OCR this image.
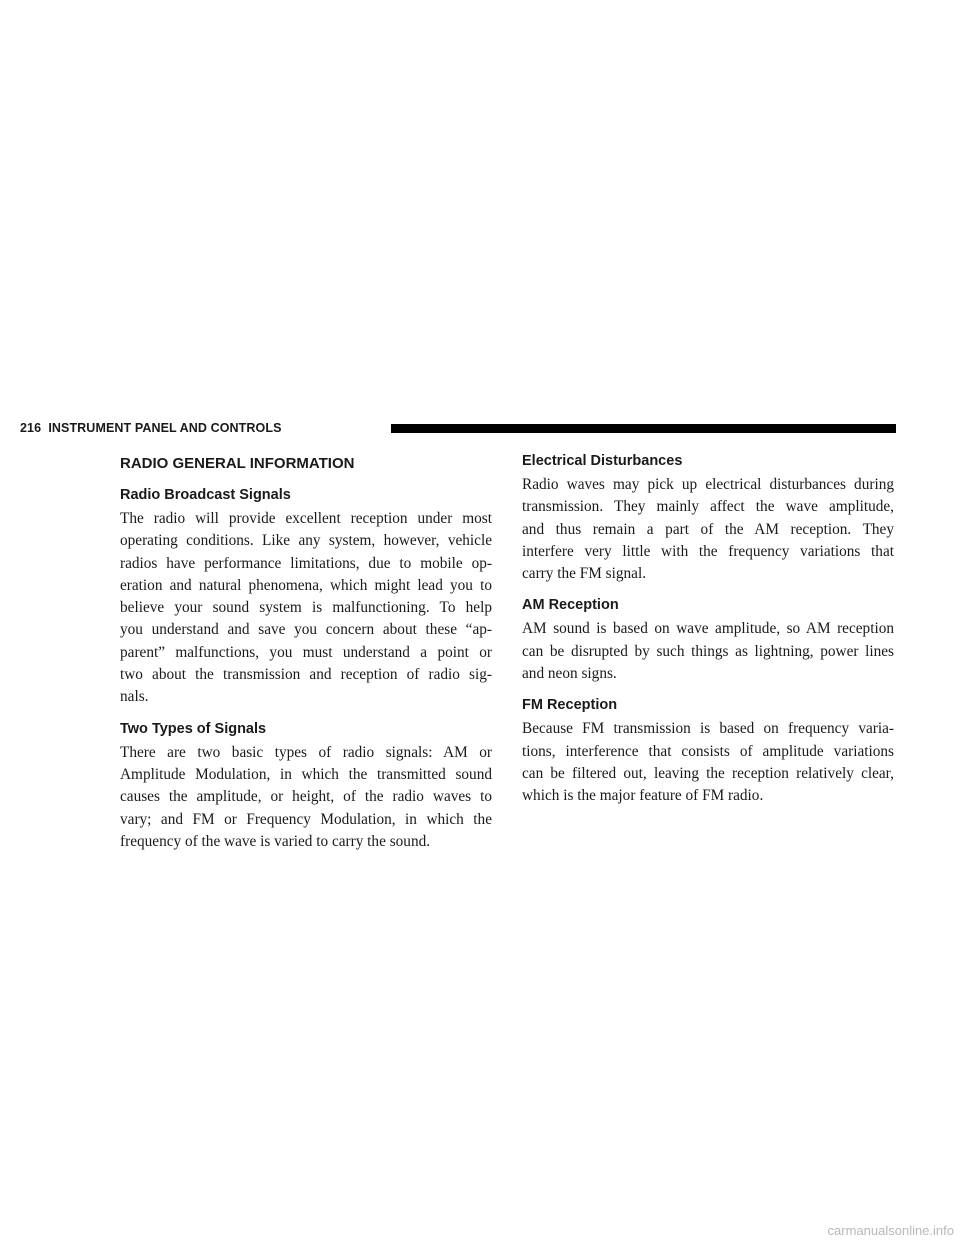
216 INSTRUMENT PANEL AND CONTROLS
RADIO GENERAL INFORMATION
Radio Broadcast Signals

The radio will provide excellent reception under most
operating conditions. Like any system, however, vehicle
radios have performance limitations, due to mobile op-
eration and natural phenomena, which might lead you to
believe your sound system is malfunctioning. To help
you understand and save you concern about these “ap-
parent” malfunctions, you must understand a point or
two about the transmission and reception of radio sig-
nals.

Two Types of Signals

There are two basic types of radio signals: AM or
Amplitude Modulation, in which the transmitted sound
causes the amplitude, or height, of the radio waves to
vary; and FM or Frequency Modulation, in which the
frequency of the wave is varied to carry the sound.

Electrical Disturbances

Radio waves may pick up electrical disturbances during
transmission. They mainly affect the wave amplitude,
and thus remain a part of the AM reception. They
interfere very little with the frequency variations that
carry the FM signal.

AM Reception

AM sound is based on wave amplitude, so AM reception
can be disrupted by such things as lightning, power lines
and neon signs.

FM Reception

Because FM transmission is based on frequency varia-
tions, interference that consists of amplitude variations
can be filtered out, leaving the reception relatively clear,
which is the major feature of FM radio.

carmanualsonline.info
